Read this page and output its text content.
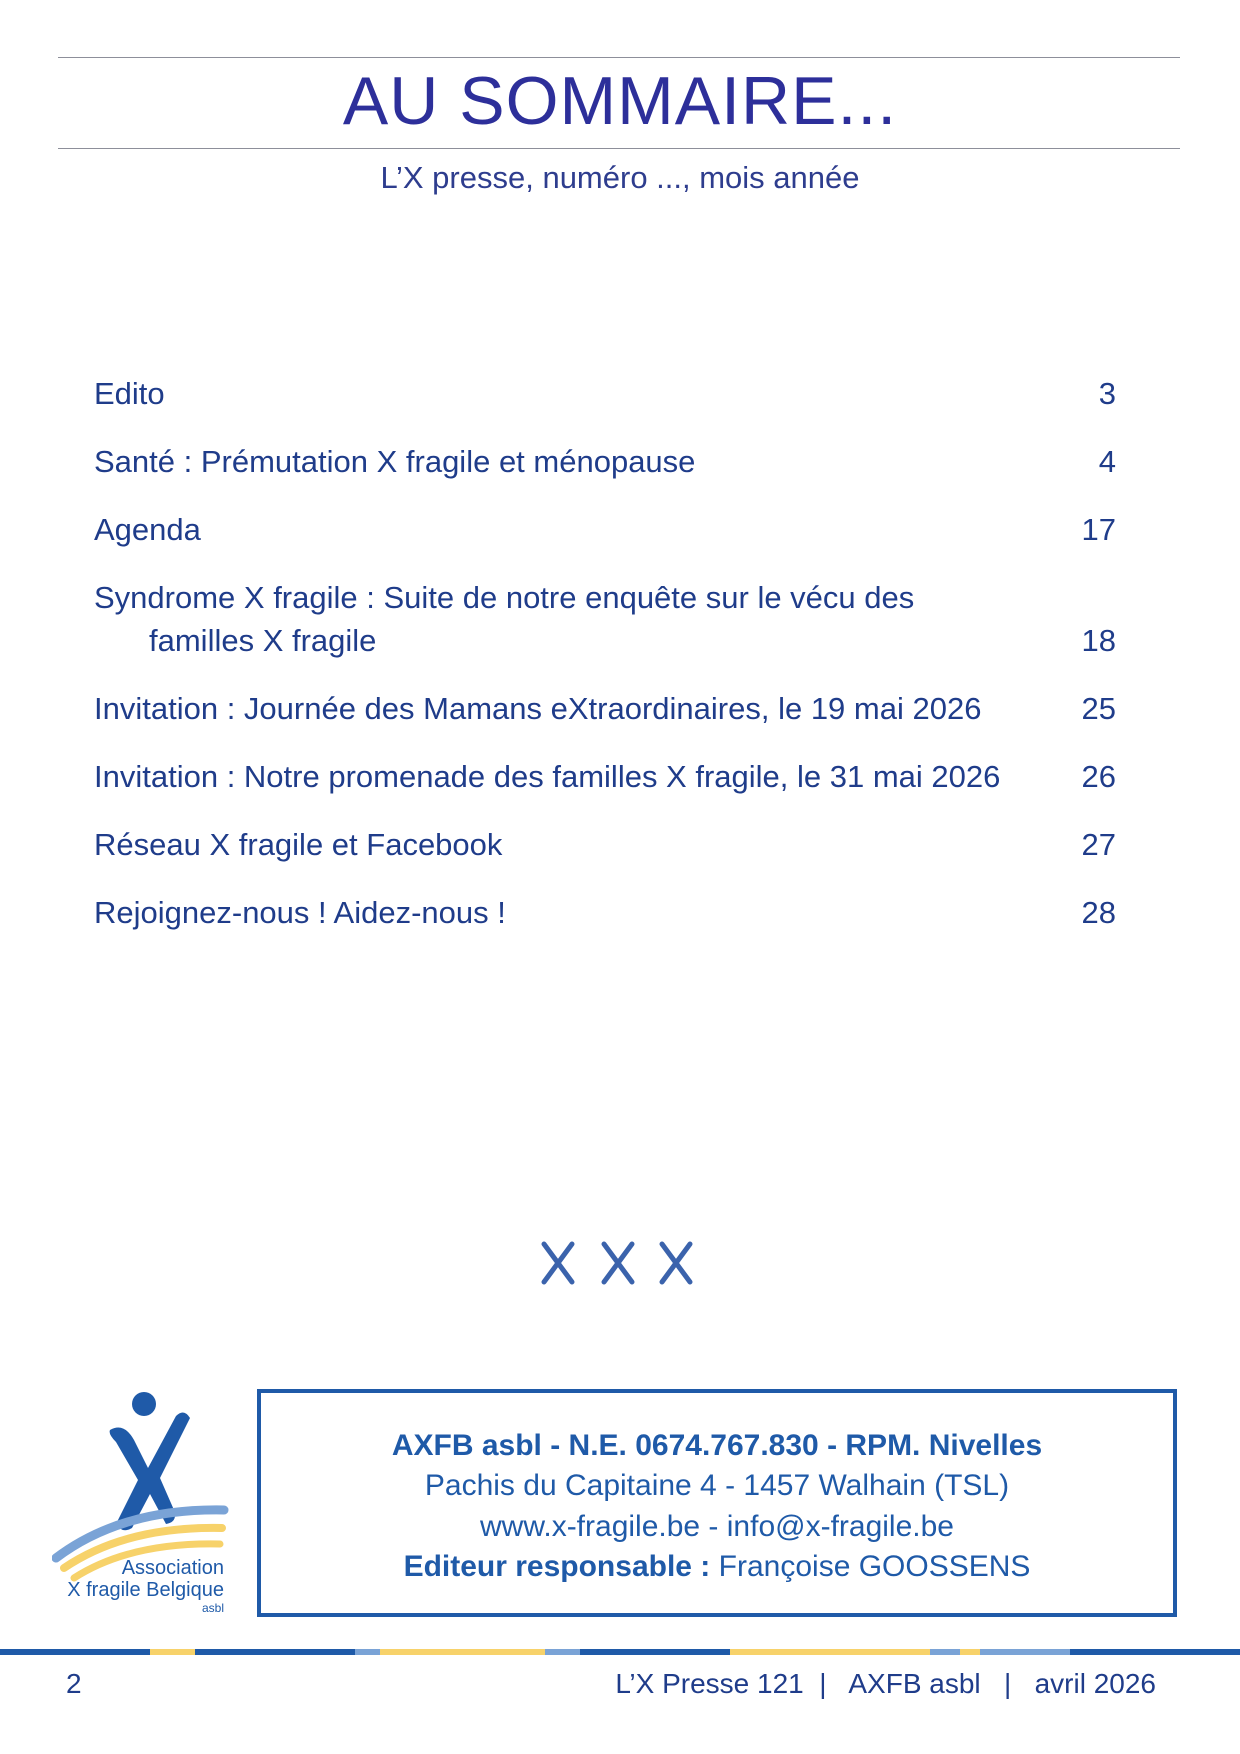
AU SOMMAIRE...
L’X presse, numéro ..., mois année
Edito	3
Santé : Prémutation X fragile et ménopause	4
Agenda	17
Syndrome X fragile : Suite de notre enquête sur le vécu des
familles X fragile	18
Invitation : Journée des Mamans eXtraordinaires, le 19 mai 2026	25
Invitation : Notre promenade des familles X fragile, le 31 mai 2026	26
Réseau X fragile et Facebook	27
Rejoignez-nous ! Aidez-nous !	28
Association
X fragile Belgique
asbl
AXFB asbl - N.E. 0674.767.830 - RPM. Nivelles
Pachis du Capitaine 4 - 1457 Walhain (TSL)
www.x-fragile.be - info@x-fragile.be
Editeur responsable : Françoise GOOSSENS
2	L’X Presse 121  |   AXFB asbl   |   avril 2026
